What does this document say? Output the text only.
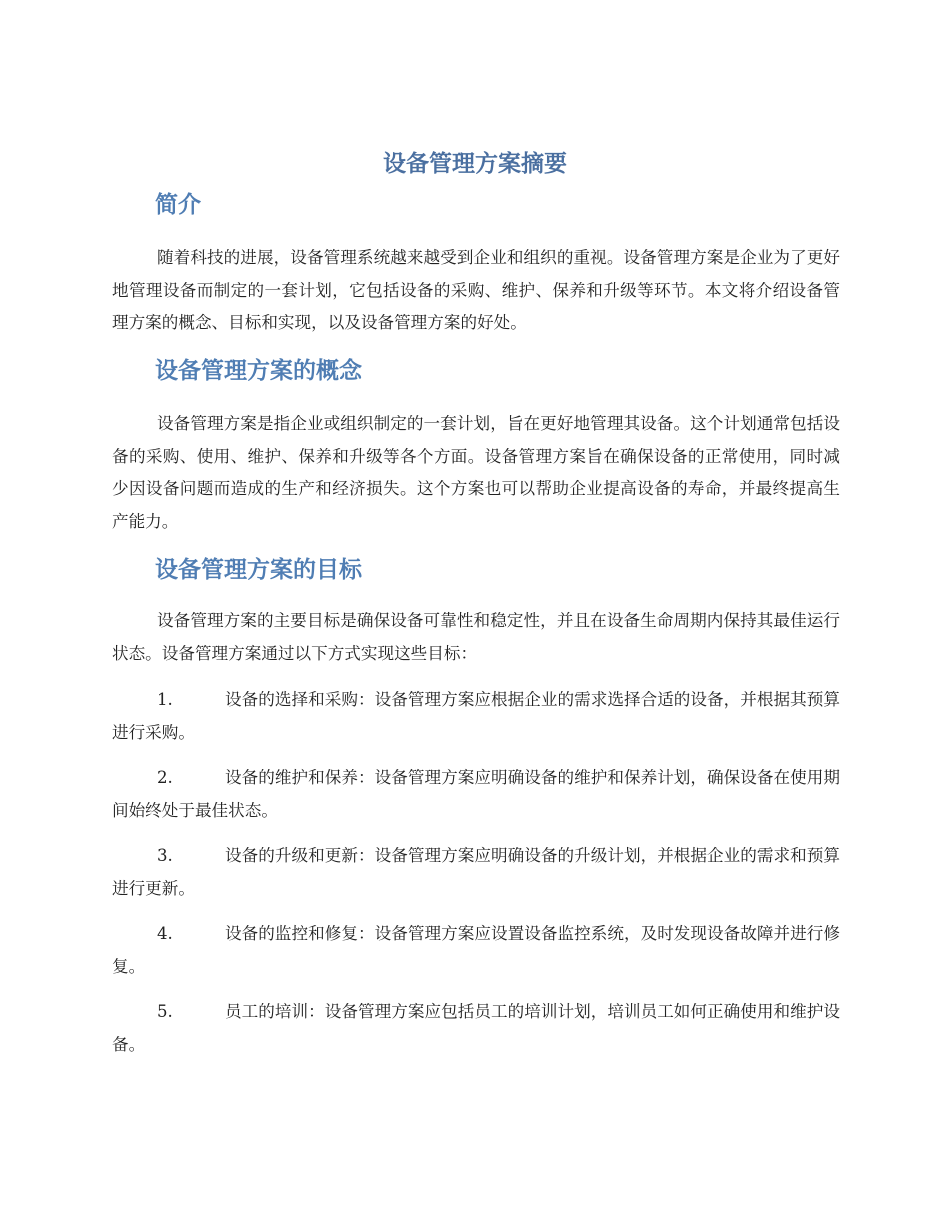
设备管理方案摘要
简介

随着科技的进展，设备管理系统越来越受到企业和组织的重视。设备管理方案是企业为了更好地管理设备而制定的一套计划，它包括设备的采购、维护、保养和升级等环节。本文将介绍设备管理方案的概念、目标和实现，以及设备管理方案的好处。

设备管理方案的概念

设备管理方案是指企业或组织制定的一套计划，旨在更好地管理其设备。这个计划通常包括设备的采购、使用、维护、保养和升级等各个方面。设备管理方案旨在确保设备的正常使用，同时减少因设备问题而造成的生产和经济损失。这个方案也可以帮助企业提高设备的寿命，并最终提高生产能力。

设备管理方案的目标

设备管理方案的主要目标是确保设备可靠性和稳定性，并且在设备生命周期内保持其最佳运行状态。设备管理方案通过以下方式实现这些目标：

1.	设备的选择和采购：设备管理方案应根据企业的需求选择合适的设备，并根据其预算进行采购。

2.	设备的维护和保养：设备管理方案应明确设备的维护和保养计划，确保设备在使用期间始终处于最佳状态。

3.	设备的升级和更新：设备管理方案应明确设备的升级计划，并根据企业的需求和预算进行更新。

4.	设备的监控和修复：设备管理方案应设置设备监控系统，及时发现设备故障并进行修复。

5.	员工的培训：设备管理方案应包括员工的培训计划，培训员工如何正确使用和维护设备。
